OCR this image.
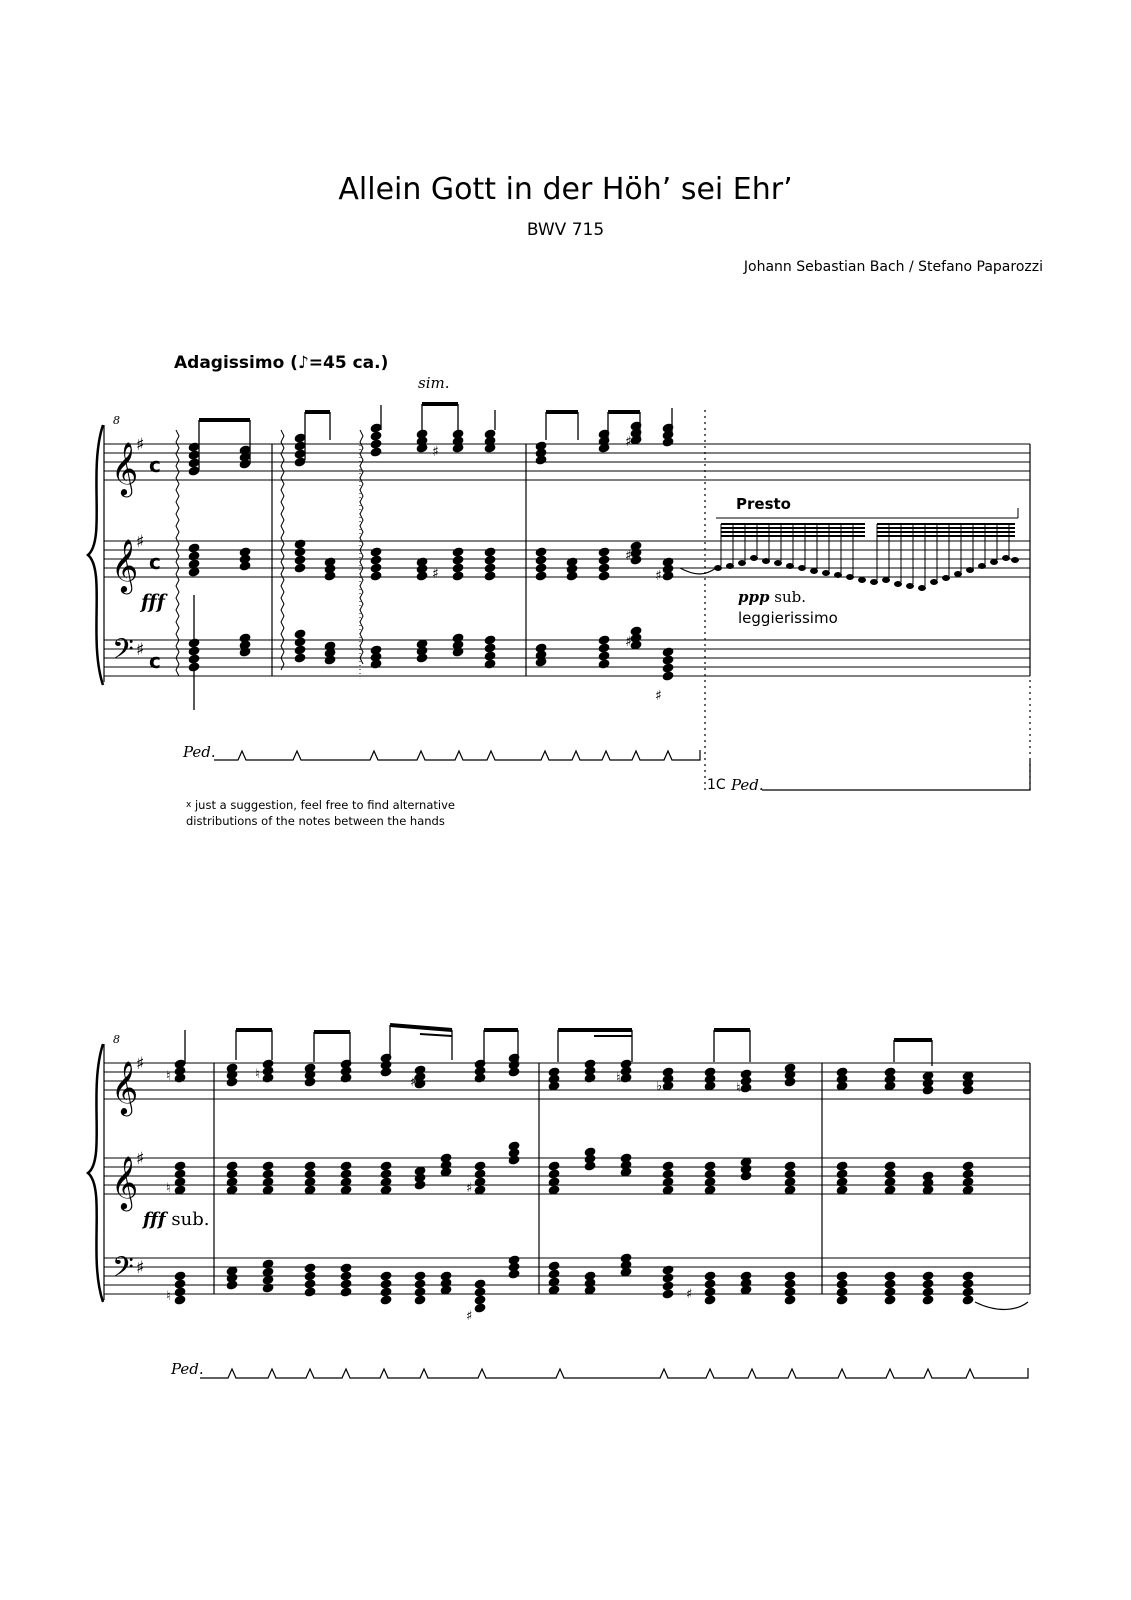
Allein Gott in der Höh’ sei Ehr’
BWV 715
Johann Sebastian Bach / Stefano Paparozzi
Adagissimo (♪=45 ca.)
sim.
Presto
ppp sub.
leggierissimo
fff
$^x$ just a suggestion, feel free to find alternative
distributions of the notes between the hands
Ped.
1C Ped.
fff sub.
Ped.
8
8
𝄞
𝄞
𝄢
♯
♯
♯
c
c
c
♯
♯
♯
♯
♯
♯
♯
𝄞
𝄞
𝄢
♯
♯
♯
♮
♮
♮
♮
♯
♯
♯
♮
♭	♮
♯
